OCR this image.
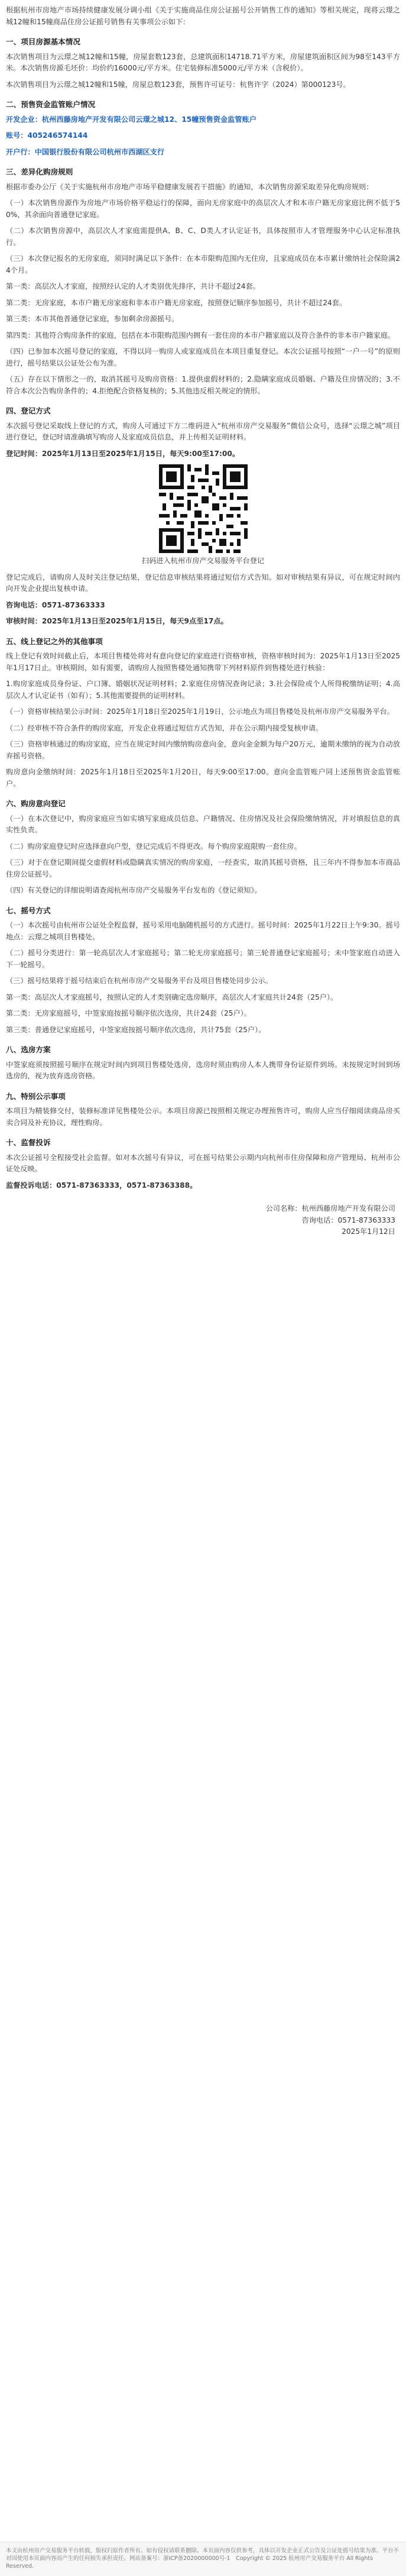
根据杭州市房地产市场持续健康发展分调小组《关于实施商品住房公证摇号公开销售工作的通知》等相关规定，现将云璟之城12幢和15幢商品住房公证摇号销售有关事项公示如下：

一、项目房源基本情况

本次销售项目为云璟之城12幢和15幢，房屋套数123套，总建筑面积14718.71平方米，房屋建筑面积区间为98至143平方米。本次销售房源毛坯价：均价约16000元/平方米。住宅装修标准5000元/平方米（含税价）。

本次销售项目为云璟之城12幢和15幢，房屋总数123套，预售许可证号：杭售许字（2024）第000123号。

二、预售资金监管账户情况

开发企业：杭州西藤房地产开发有限公司云璟之城12、15幢预售资金监管账户

账号：405246574144

开户行：中国银行股份有限公司杭州市西湖区支行

三、差异化购房规则

根据市委办公厅《关于实施杭州市房地产市场平稳健康发展若干措施》的通知，本次销售房源采取差异化购房规则：

（一）本次销售房源作为房地产市场价格平稳运行的保障，面向无房家庭中的高层次人才和本市户籍无房家庭比例不低于50%，其余面向普通登记家庭。

（二）本次销售房源中，高层次人才家庭需提供A、B、C、D类人才认定证书，具体按照市人才管理服务中心认定标准执行。

（三）本次登记报名的无房家庭，须同时满足以下条件：在本市限购范围内无住房，且家庭成员在本市累计缴纳社会保险满24个月。

第一类：高层次人才家庭，按照经认定的人才类别优先排序，共计不超过24套。

第二类：无房家庭，本市户籍无房家庭和非本市户籍无房家庭，按照登记顺序参加摇号，共计不超过24套。

第三类：本市其他普通登记家庭，参加剩余房源摇号。

第四类：其他符合购房条件的家庭，包括在本市限购范围内拥有一套住房的本市户籍家庭以及符合条件的非本市户籍家庭。

（四）已参加本次摇号登记的家庭，不得以同一购房人或家庭成员在本项目重复登记。本次公证摇号按照“一户一号”的原则进行，摇号结果以公证处公布为准。

（五）存在以下情形之一的，取消其摇号及购房资格：1.提供虚假材料的；2.隐瞒家庭成员婚姻、户籍及住房情况的；3.不符合本次公告购房条件的；4.拒绝配合资格复核的；5.其他违反相关规定的情形。

四、登记方式

本次摇号登记采取线上登记的方式，购房人可通过下方二维码进入“杭州市房产交易服务”微信公众号，选择“云璟之城”项目进行登记，登记时请准确填写购房人及家庭成员信息，并上传相关证明材料。

登记时间：2025年1月13日至2025年1月15日，每天9:00至17:00。

扫码进入杭州市房产交易服务平台登记

登记完成后，请购房人及时关注登记结果，登记信息审核结果将通过短信方式告知。如对审核结果有异议，可在规定时间内向开发企业提出复核申请。

咨询电话：0571-87363333

审核时间：2025年1月13日至2025年1月15日，每天9点至17点。

五、线上登记之外的其他事项

线上登记有效时间截止后，本项目售楼处将对有意向登记的家庭进行资格审核，资格审核时间为：2025年1月13日至2025年1月17日止。审核期间，如有需要，请购房人按照售楼处通知携带下列材料原件到售楼处进行核验：

1.购房家庭成员身份证、户口簿、婚姻状况证明材料；2.家庭住房情况查询记录；3.社会保险或个人所得税缴纳证明；4.高层次人才认定证书（如有）；5.其他需要提供的证明材料。

（一）资格审核结果公示时间：2025年1月18日至2025年1月19日，公示地点为项目售楼处及杭州市房产交易服务平台。

（二）经审核不符合条件的购房家庭，开发企业将通过短信方式告知，并在公示期内接受复核申请。

（三）资格审核通过的购房家庭，应当在规定时间内缴纳购房意向金，意向金金额为每户20万元，逾期未缴纳的视为自动放弃摇号资格。

购房意向金缴纳时间：2025年1月18日至2025年1月20日，每天9:00至17:00。意向金监管账户同上述预售资金监管账户。

六、购房意向登记

（一）在本次登记中，购房家庭应当如实填写家庭成员信息、户籍情况、住房情况及社会保险缴纳情况，并对填报信息的真实性负责。

（二）购房家庭登记时应选择意向户型，登记完成后不得更改。每个购房家庭限购一套住房。

（三）对于在登记期间提交虚假材料或隐瞒真实情况的购房家庭，一经查实，取消其摇号资格，且三年内不得参加本市商品住房公证摇号。

（四）有关登记的详细说明请查阅杭州市房产交易服务平台发布的《登记须知》。

七、摇号方式

（一）本次摇号由杭州市公证处全程监督，摇号采用电脑随机摇号的方式进行。摇号时间：2025年1月22日上午9:30。摇号地点：云璟之城项目售楼处。

（二）摇号分类进行：第一轮高层次人才家庭摇号；第二轮无房家庭摇号；第三轮普通登记家庭摇号；未中签家庭自动进入下一轮摇号。

（三）摇号结果将于摇号结束后在杭州市房产交易服务平台及项目售楼处同步公示。

第一类：高层次人才家庭摇号，按照认定的人才类别确定选房顺序，高层次人才家庭共计24套（25户）。

第二类：无房家庭摇号，中签家庭按摇号顺序依次选房，共计24套（25户）。

第三类：普通登记家庭摇号，中签家庭按摇号顺序依次选房，共计75套（25户）。

八、选房方案

中签家庭须按照摇号顺序在规定时间内到项目售楼处选房，选房时须由购房人本人携带身份证原件到场。未按规定时间到场选房的，视为放弃选房资格。

九、特别公示事项

本项目为精装修交付，装修标准详见售楼处公示。本项目房源已按照相关规定办理预售许可，购房人应当仔细阅读商品房买卖合同及补充协议，理性购房。

十、监督投诉

本次公证摇号全程接受社会监督。如对本次摇号有异议，可在摇号结果公示期内向杭州市住房保障和房产管理局、杭州市公证处反映。

监督投诉电话：0571-87363333，0571-87363388。

公司名称：杭州西藤房地产开发有限公司
咨询电话：0571-87363333
2025年1月12日
本文由杭州房产交易服务平台转载，版权归原作者所有。如有侵权请联系删除。本页面内容仅供参考，具体以开发企业正式公告及公证处摇号结果为准。平台不对因使用本页面内容而产生的任何损失承担责任。网站备案号：浙ICP备2020000000号-1　Copyright © 2025 杭州房产交易服务平台 All Rights Reserved.
